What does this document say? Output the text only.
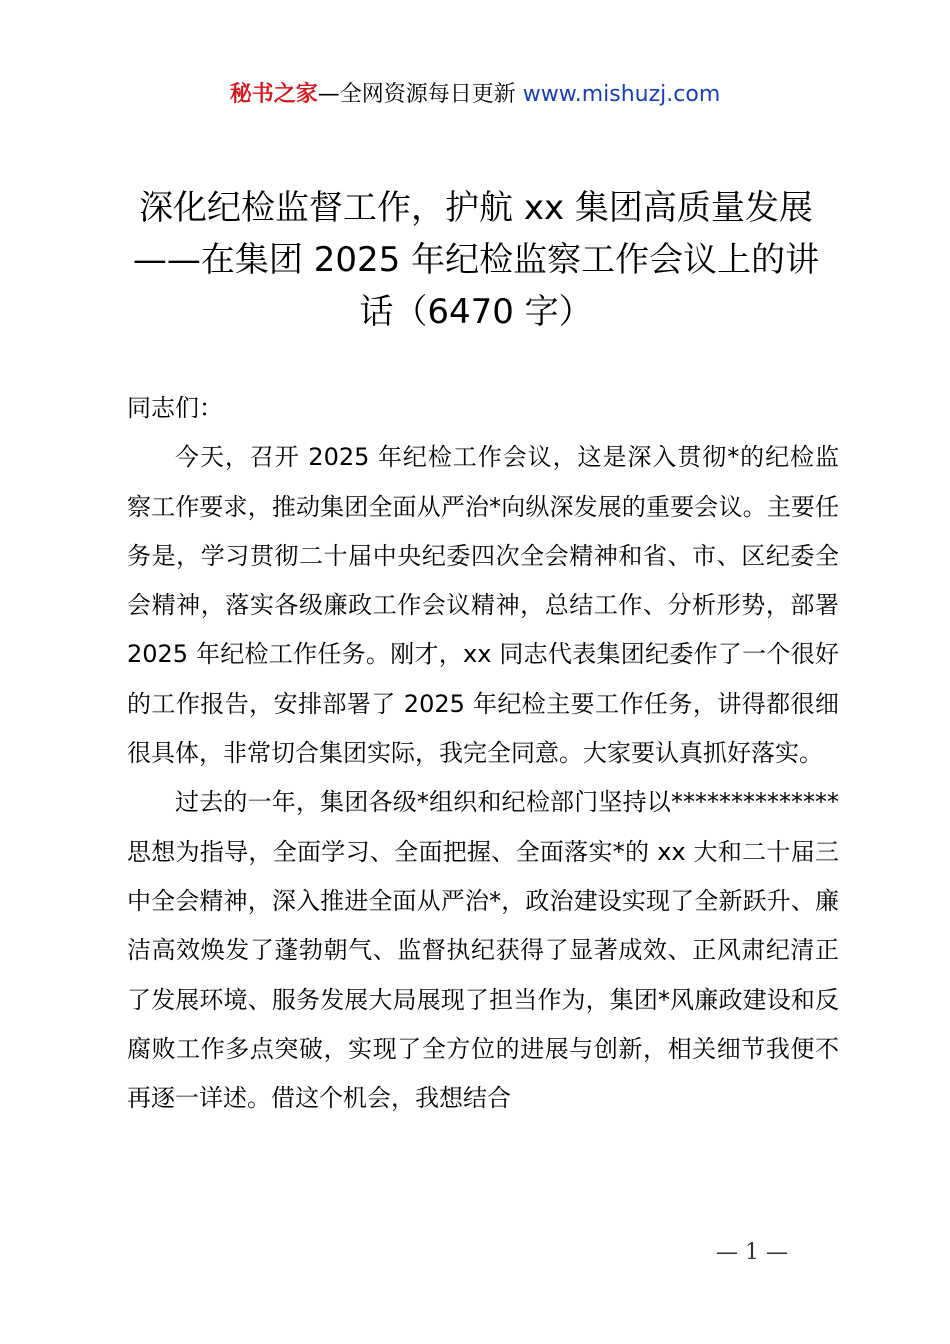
秘书之家—全网资源每日更新 www.mishuzj.com
深化纪检监督工作，护航 xx 集团高质量发展
——在集团 2025 年纪检监察工作会议上的讲话（6470 字）

同志们：

今天，召开 2025 年纪检工作会议，这是深入贯彻*的纪检监察工作要求，推动集团全面从严治*向纵深发展的重要会议。主要任务是，学习贯彻二十届中央纪委四次全会精神和省、市、区纪委全会精神，落实各级廉政工作会议精神，总结工作、分析形势，部署 2025 年纪检工作任务。刚才，xx 同志代表集团纪委作了一个很好的工作报告，安排部署了 2025 年纪检主要工作任务，讲得都很细很具体，非常切合集团实际，我完全同意。大家要认真抓好落实。

过去的一年，集团各级*组织和纪检部门坚持以**************思想为指导，全面学习、全面把握、全面落实*的 xx 大和二十届三中全会精神，深入推进全面从严治*，政治建设实现了全新跃升、廉洁高效焕发了蓬勃朝气、监督执纪获得了显著成效、正风肃纪清正了发展环境、服务发展大局展现了担当作为，集团*风廉政建设和反腐败工作多点突破，实现了全方位的进展与创新，相关细节我便不再逐一详述。借这个机会，我想结合

— 1 —
